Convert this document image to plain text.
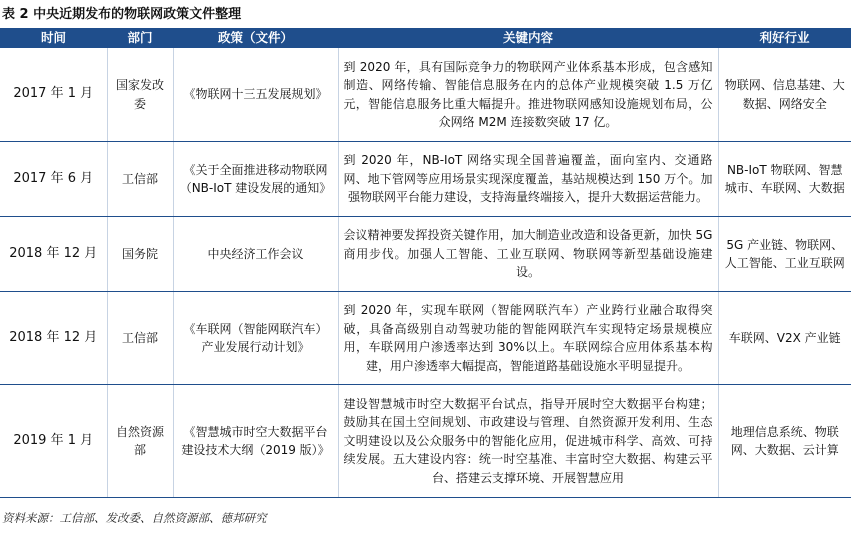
表 2 中央近期发布的物联网政策文件整理
时间	部门	政策（文件）	关键内容	利好行业
2017 年 1 月	国家发改委	《物联网十三五发展规划》	到 2020 年，具有国际竞争力的物联网产业体系基本形成，包含感知制造、网络传输、智能信息服务在内的总体产业规模突破 1.5 万亿元，智能信息服务比重大幅提升。推进物联网感知设施规划布局，公众网络 M2M 连接数突破 17 亿。	物联网、信息基建、大数据、网络安全
2017 年 6 月	工信部	《关于全面推进移动物联网（NB-IoT 建设发展的通知》	到 2020 年，NB-IoT 网络实现全国普遍覆盖，面向室内、交通路网、地下管网等应用场景实现深度覆盖，基站规模达到 150 万个。加强物联网平台能力建设，支持海量终端接入，提升大数据运营能力。	NB-IoT 物联网、智慧城市、车联网、大数据
2018 年 12 月	国务院	中央经济工作会议	会议精神要发挥投资关键作用，加大制造业改造和设备更新，加快 5G 商用步伐。加强人工智能、工业互联网、物联网等新型基础设施建设。	5G 产业链、物联网、人工智能、工业互联网
2018 年 12 月	工信部	《车联网（智能网联汽车）产业发展行动计划》	到 2020 年，实现车联网（智能网联汽车）产业跨行业融合取得突破，具备高级别自动驾驶功能的智能网联汽车实现特定场景规模应用，车联网用户渗透率达到 30%以上。车联网综合应用体系基本构建，用户渗透率大幅提高，智能道路基础设施水平明显提升。	车联网、V2X 产业链
2019 年 1 月	自然资源部	《智慧城市时空大数据平台建设技术大纲（2019 版）》	建设智慧城市时空大数据平台试点，指导开展时空大数据平台构建；鼓励其在国土空间规划、市政建设与管理、自然资源开发利用、生态文明建设以及公众服务中的智能化应用，促进城市科学、高效、可持续发展。五大建设内容：统一时空基准、丰富时空大数据、构建云平台、搭建云支撑环境、开展智慧应用	地理信息系统、物联网、大数据、云计算
资料来源：工信部、发改委、自然资源部、德邦研究
